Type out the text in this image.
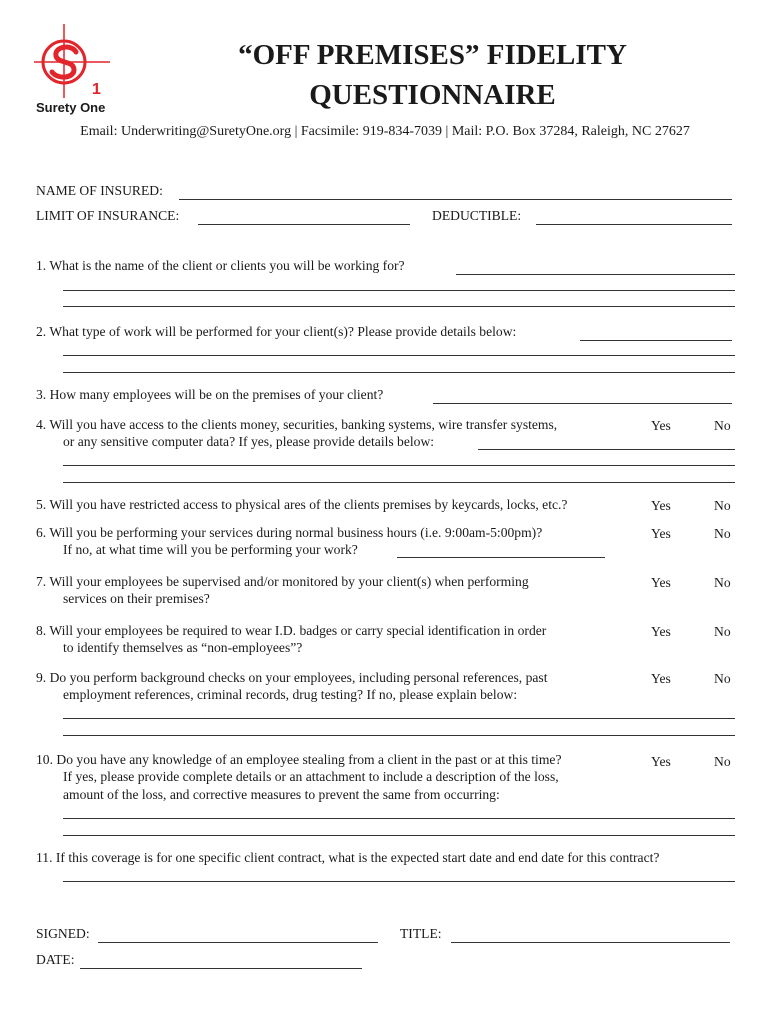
1
Surety One
“OFF PREMISES” FIDELITY
QUESTIONNAIRE
Email: Underwriting@SuretyOne.org | Facsimile: 919-834-7039 | Mail: P.O. Box 37284, Raleigh, NC 27627
NAME OF INSURED:
LIMIT OF INSURANCE:	DEDUCTIBLE:
1. What is the name of the client or clients you will be working for?
2. What type of work will be performed for your client(s)? Please provide details below:
3. How many employees will be on the premises of your client?
4. Will you have access to the clients money, securities, banking systems, wire transfer systems,
or any sensitive computer data? If yes, please provide details below:
Yes	No
5. Will you have restricted access to physical ares of the clients premises by keycards, locks, etc.?	Yes	No
6. Will you be performing your services during normal business hours (i.e. 9:00am-5:00pm)?
If no, at what time will you be performing your work?
Yes	No
7. Will your employees be supervised and/or monitored by your client(s) when performing
services on their premises?
Yes	No
8. Will your employees be required to wear I.D. badges or carry special identification in order
to identify themselves as “non-employees”?
Yes	No
9. Do you perform background checks on your employees, including personal references, past
employment references, criminal records, drug testing? If no, please explain below:
Yes	No
10. Do you have any knowledge of an employee stealing from a client in the past or at this time?
If yes, please provide complete details or an attachment to include a description of the loss,
amount of the loss, and corrective measures to prevent the same from occurring:
Yes	No
11. If this coverage is for one specific client contract, what is the expected start date and end date for this contract?
SIGNED:	TITLE:
DATE:
